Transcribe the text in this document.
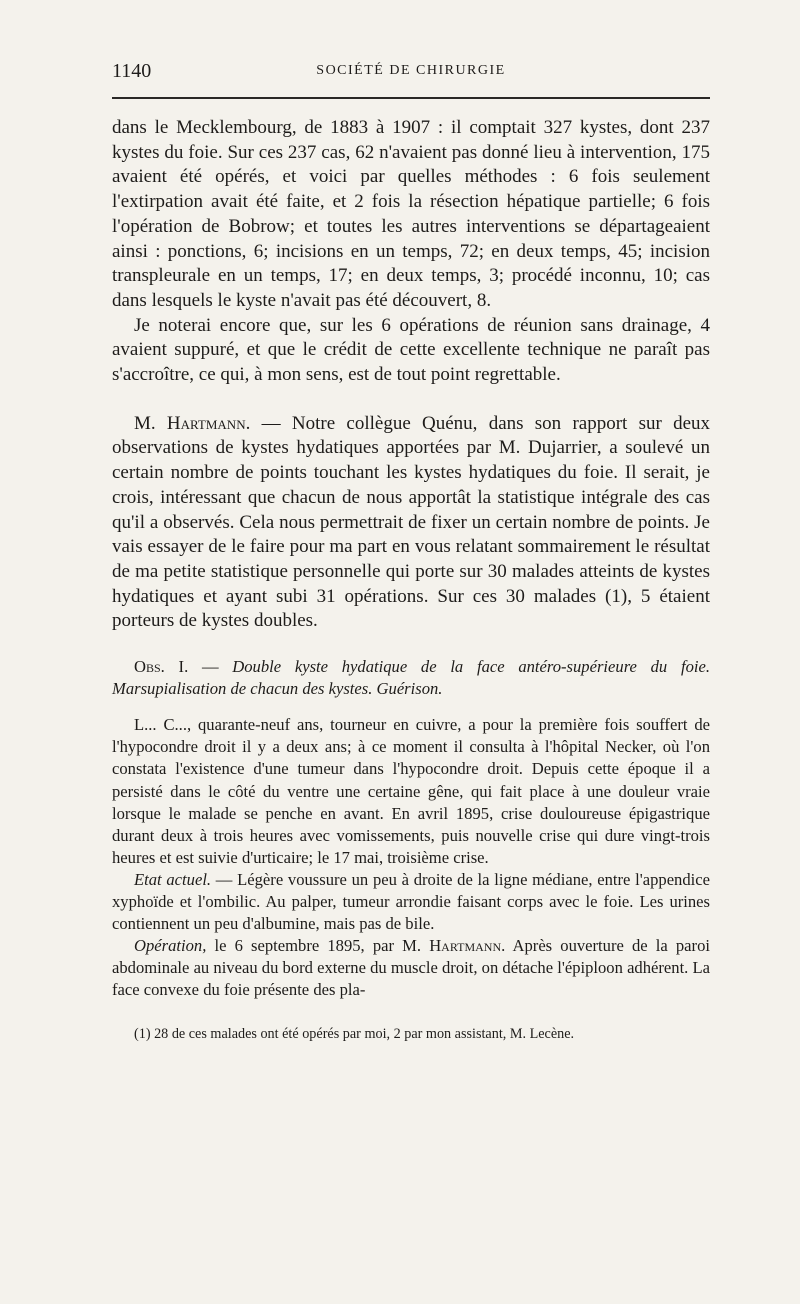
1140	SOCIÉTÉ DE CHIRURGIE

dans le Mecklembourg, de 1883 à 1907 : il comptait 327 kystes, dont 237 kystes du foie. Sur ces 237 cas, 62 n'avaient pas donné lieu à intervention, 175 avaient été opérés, et voici par quelles méthodes : 6 fois seulement l'extirpation avait été faite, et 2 fois la résection hépatique partielle; 6 fois l'opération de Bobrow; et toutes les autres interventions se départageaient ainsi : ponctions, 6; incisions en un temps, 72; en deux temps, 45; incision transpleurale en un temps, 17; en deux temps, 3; procédé inconnu, 10; cas dans lesquels le kyste n'avait pas été découvert, 8.

Je noterai encore que, sur les 6 opérations de réunion sans drainage, 4 avaient suppuré, et que le crédit de cette excellente technique ne paraît pas s'accroître, ce qui, à mon sens, est de tout point regrettable.

M. Hartmann. — Notre collègue Quénu, dans son rapport sur deux observations de kystes hydatiques apportées par M. Dujarrier, a soulevé un certain nombre de points touchant les kystes hydatiques du foie. Il serait, je crois, intéressant que chacun de nous apportât la statistique intégrale des cas qu'il a observés. Cela nous permettrait de fixer un certain nombre de points. Je vais essayer de le faire pour ma part en vous relatant sommairement le résultat de ma petite statistique personnelle qui porte sur 30 malades atteints de kystes hydatiques et ayant subi 31 opérations. Sur ces 30 malades (1), 5 étaient porteurs de kystes doubles.

Obs. I. — Double kyste hydatique de la face antéro-supérieure du foie. Marsupialisation de chacun des kystes. Guérison.

L... C..., quarante-neuf ans, tourneur en cuivre, a pour la première fois souffert de l'hypocondre droit il y a deux ans; à ce moment il consulta à l'hôpital Necker, où l'on constata l'existence d'une tumeur dans l'hypocondre droit. Depuis cette époque il a persisté dans le côté du ventre une certaine gêne, qui fait place à une douleur vraie lorsque le malade se penche en avant. En avril 1895, crise douloureuse épigastrique durant deux à trois heures avec vomissements, puis nouvelle crise qui dure vingt-trois heures et est suivie d'urticaire; le 17 mai, troisième crise.

Etat actuel. — Légère voussure un peu à droite de la ligne médiane, entre l'appendice xyphoïde et l'ombilic. Au palper, tumeur arrondie faisant corps avec le foie. Les urines contiennent un peu d'albumine, mais pas de bile.

Opération, le 6 septembre 1895, par M. Hartmann. Après ouverture de la paroi abdominale au niveau du bord externe du muscle droit, on détache l'épiploon adhérent. La face convexe du foie présente des pla-

(1) 28 de ces malades ont été opérés par moi, 2 par mon assistant, M. Lecène.
